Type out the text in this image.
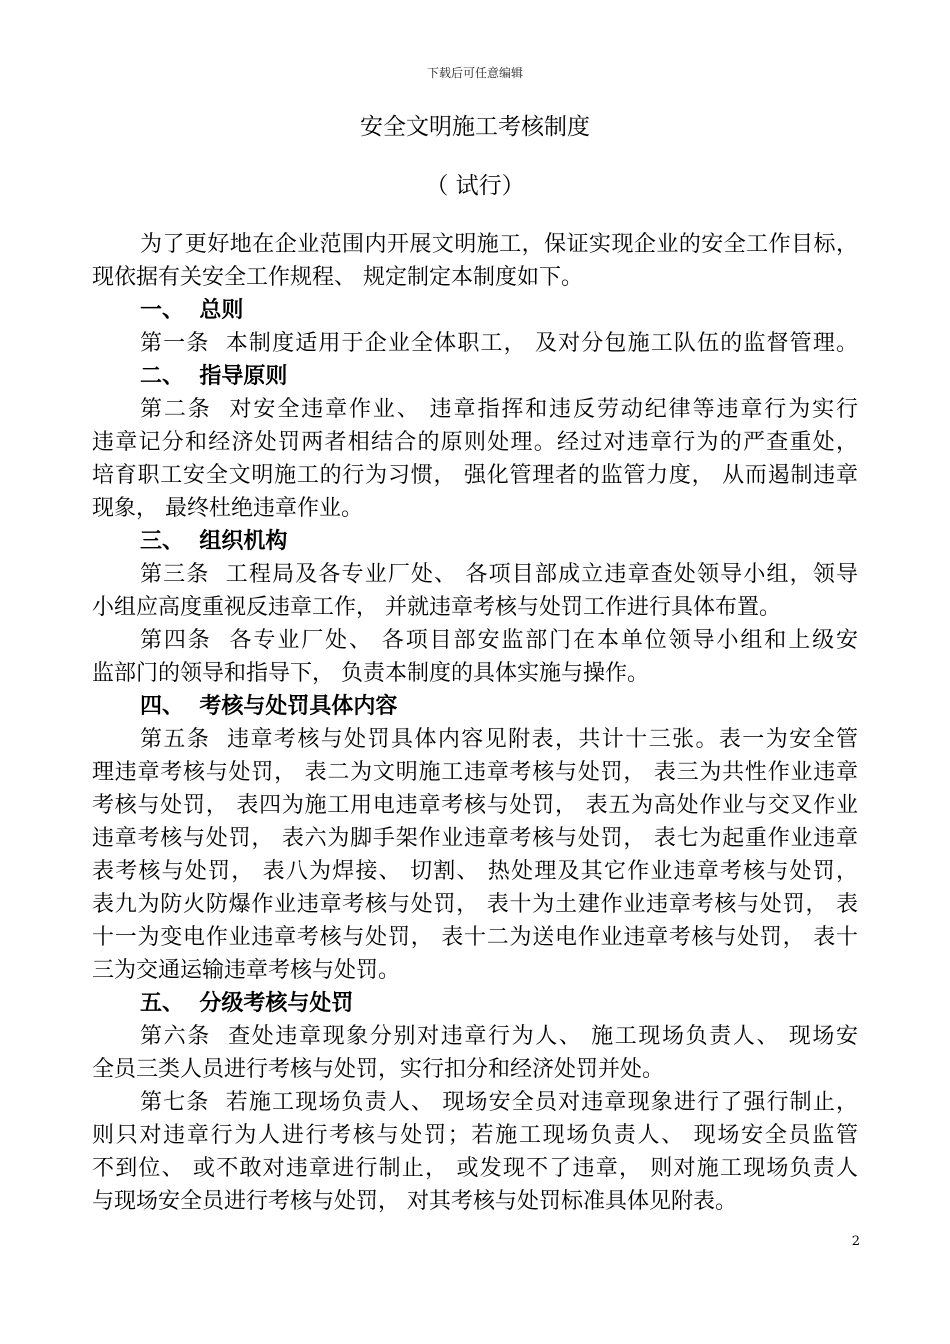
下载后可任意编辑
安全文明施工考核制度
（ 试行）
为了更好地在企业范围内开展文明施工，保证实现企业的安全工作目标，
现依据有关安全工作规程、 规定制定本制度如下。
一、  总则
第一条  本制度适用于企业全体职工， 及对分包施工队伍的监督管理。
二、  指导原则
第二条  对安全违章作业、 违章指挥和违反劳动纪律等违章行为实行
违章记分和经济处罚两者相结合的原则处理。经过对违章行为的严查重处，
培育职工安全文明施工的行为习惯， 强化管理者的监管力度， 从而遏制违章
现象， 最终杜绝违章作业。
三、  组织机构
第三条  工程局及各专业厂处、 各项目部成立违章查处领导小组，领导
小组应高度重视反违章工作， 并就违章考核与处罚工作进行具体布置。
第四条  各专业厂处、 各项目部安监部门在本单位领导小组和上级安
监部门的领导和指导下， 负责本制度的具体实施与操作。
四、  考核与处罚具体内容
第五条  违章考核与处罚具体内容见附表，共计十三张。表一为安全管
理违章考核与处罚， 表二为文明施工违章考核与处罚， 表三为共性作业违章
考核与处罚， 表四为施工用电违章考核与处罚， 表五为高处作业与交叉作业
违章考核与处罚， 表六为脚手架作业违章考核与处罚， 表七为起重作业违章
表考核与处罚， 表八为焊接、 切割、 热处理及其它作业违章考核与处罚，
表九为防火防爆作业违章考核与处罚， 表十为土建作业违章考核与处罚， 表
十一为变电作业违章考核与处罚， 表十二为送电作业违章考核与处罚， 表十
三为交通运输违章考核与处罚。
五、  分级考核与处罚
第六条  查处违章现象分别对违章行为人、 施工现场负责人、 现场安
全员三类人员进行考核与处罚，实行扣分和经济处罚并处。
第七条  若施工现场负责人、 现场安全员对违章现象进行了强行制止，
则只对违章行为人进行考核与处罚；若施工现场负责人、 现场安全员监管
不到位、 或不敢对违章进行制止， 或发现不了违章， 则对施工现场负责人
与现场安全员进行考核与处罚， 对其考核与处罚标准具体见附表。
2
